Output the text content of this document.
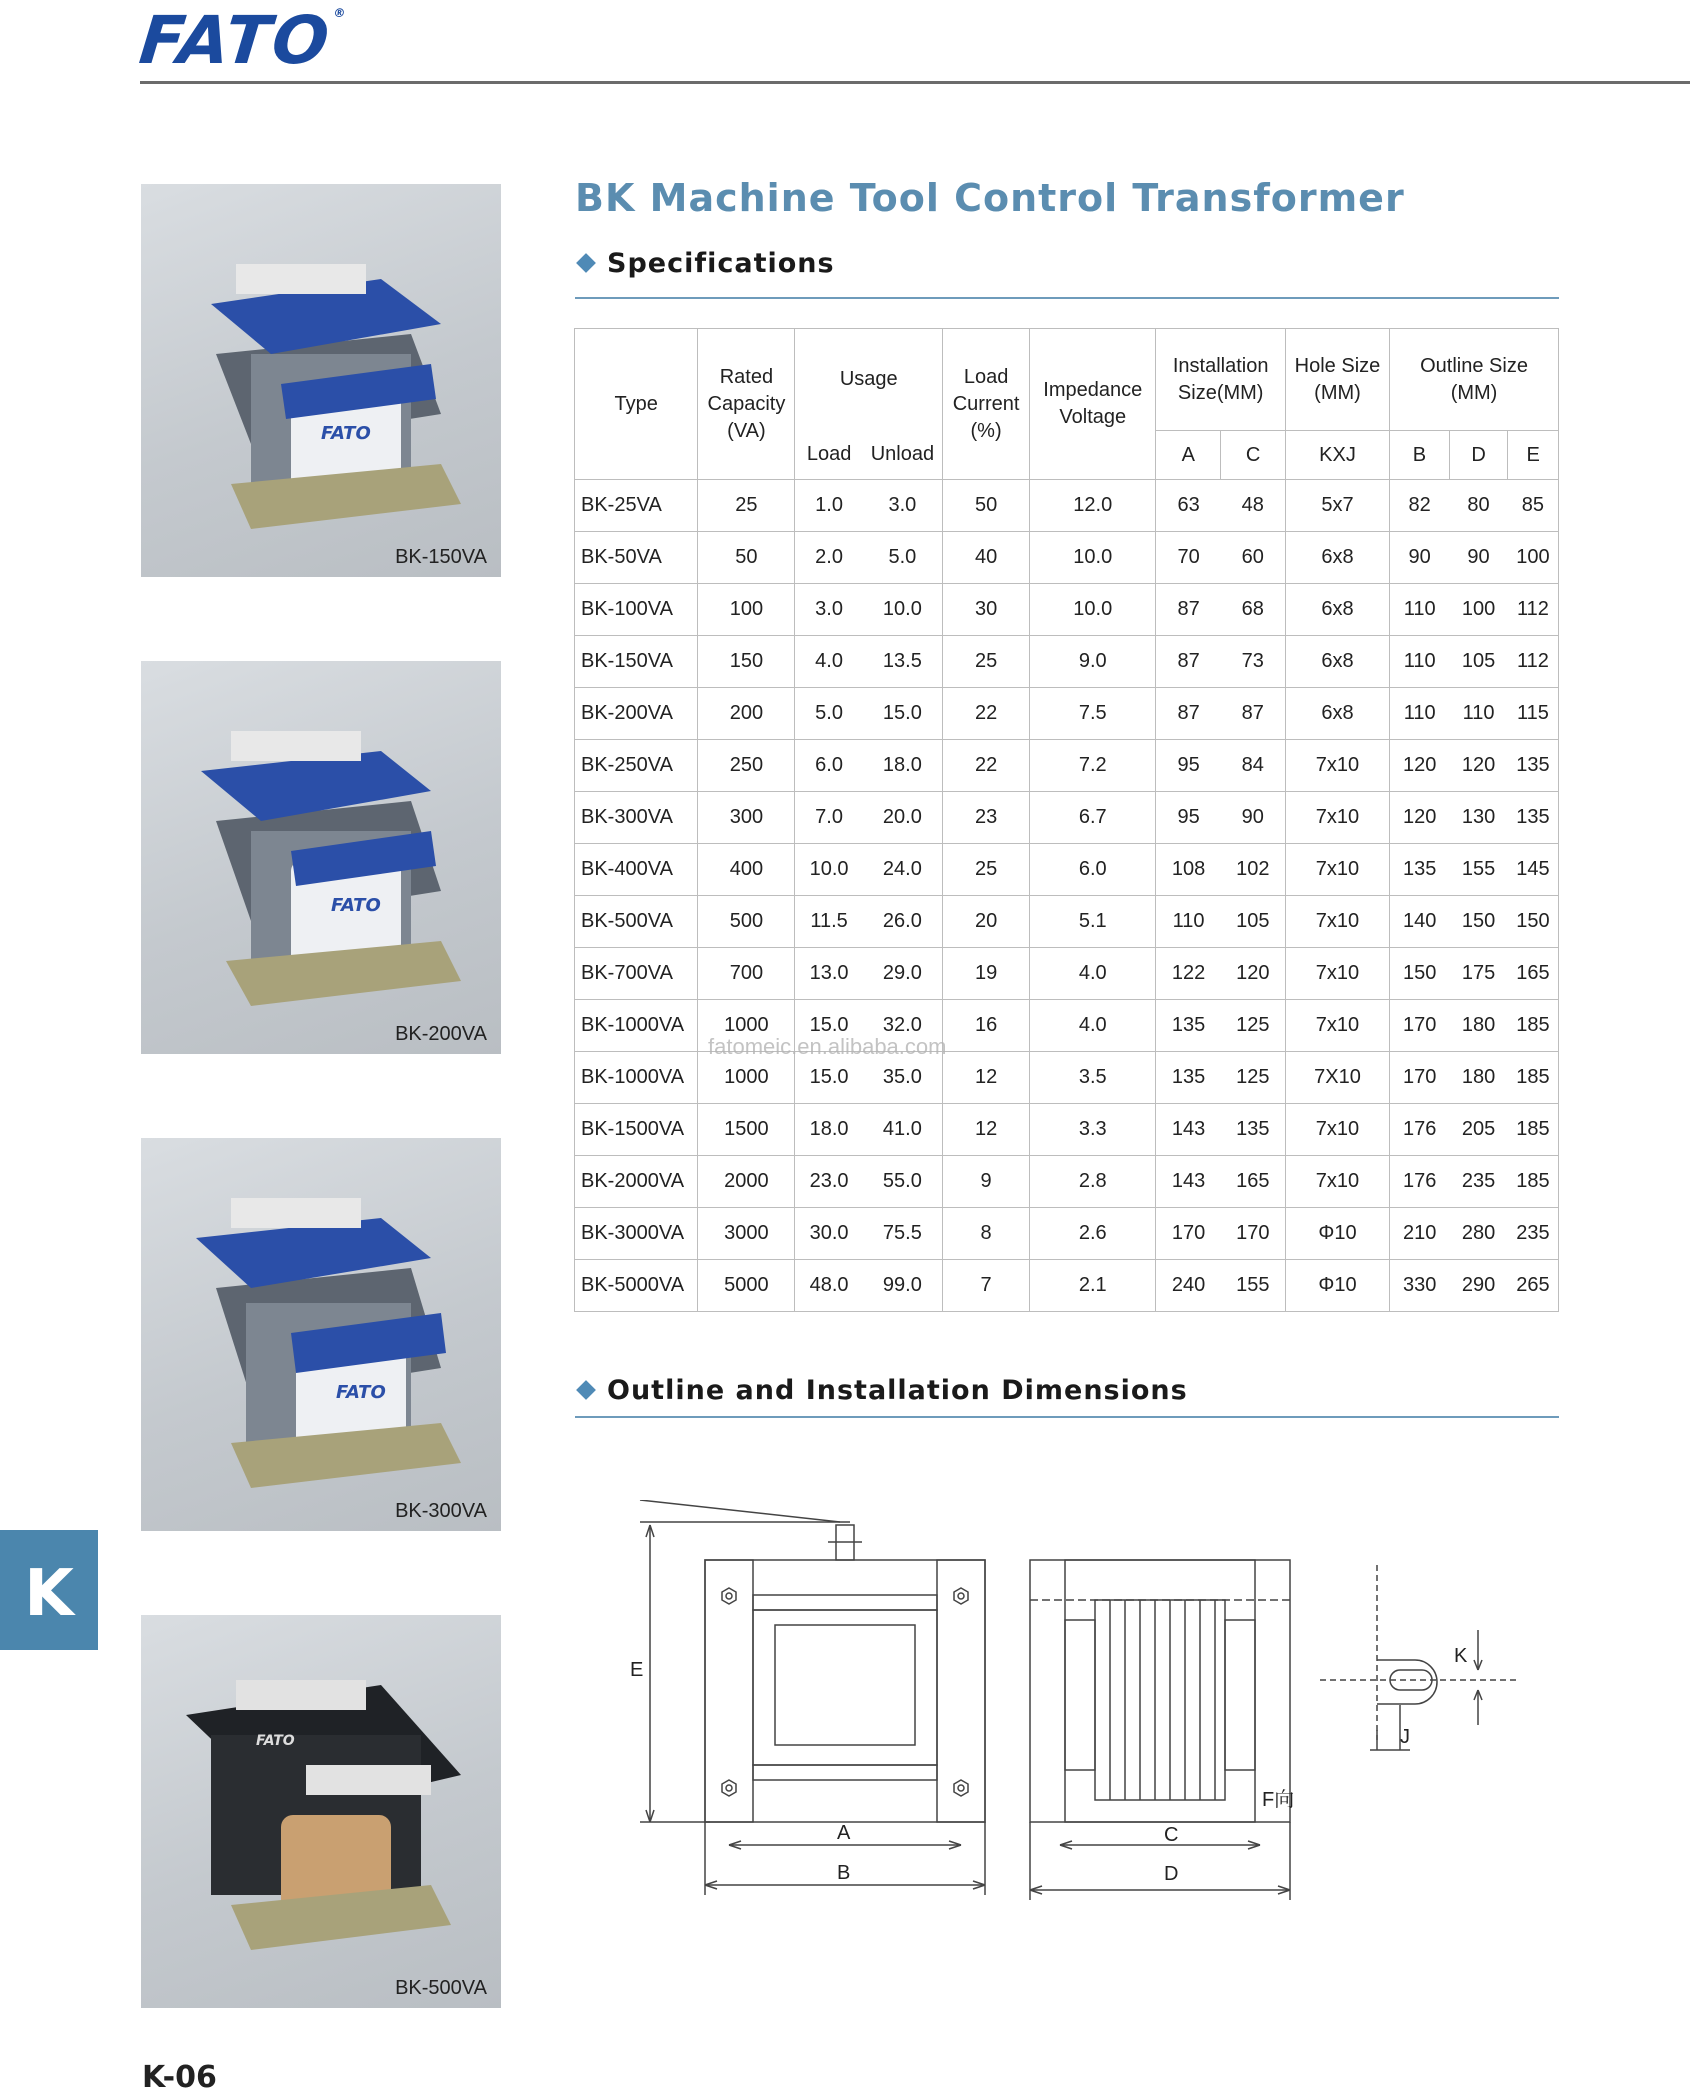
FATO
®
BK Machine Tool Control Transformer
Specifications
FATO
BK-150VA
FATO
BK-200VA
FATO
BK-300VA
FATO
BK-500VA
Type	Rated
Capacity
(VA)	Usage		Load
Current
(%)	Impedance
Voltage	Installation
Size(MM)		Hole Size
(MM)	Outline Size
(MM)		
		Load	Unload			A	C	KXJ	B	D	E
BK-25VA	25	1.0	3.0	50	12.0	63	48	5x7	82	80	85
BK-50VA	50	2.0	5.0	40	10.0	70	60	6x8	90	90	100
BK-100VA	100	3.0	10.0	30	10.0	87	68	6x8	110	100	112
BK-150VA	150	4.0	13.5	25	9.0	87	73	6x8	110	105	112
BK-200VA	200	5.0	15.0	22	7.5	87	87	6x8	110	110	115
BK-250VA	250	6.0	18.0	22	7.2	95	84	7x10	120	120	135
BK-300VA	300	7.0	20.0	23	6.7	95	90	7x10	120	130	135
BK-400VA	400	10.0	24.0	25	6.0	108	102	7x10	135	155	145
BK-500VA	500	11.5	26.0	20	5.1	110	105	7x10	140	150	150
BK-700VA	700	13.0	29.0	19	4.0	122	120	7x10	150	175	165
BK-1000VA	1000	15.0	32.0	16	4.0	135	125	7x10	170	180	185
BK-1000VA	1000	15.0	35.0	12	3.5	135	125	7X10	170	180	185
BK-1500VA	1500	18.0	41.0	12	3.3	143	135	7x10	176	205	185
BK-2000VA	2000	23.0	55.0	9	2.8	143	165	7x10	176	235	185
BK-3000VA	3000	30.0	75.5	8	2.6	170	170	Φ10	210	280	235
BK-5000VA	5000	48.0	99.0	7	2.1	240	155	Φ10	330	290	265
fatomeic.en.alibaba.com
Outline and Installation Dimensions
E
A
B
C
D
F向
K
J
K
K-06
